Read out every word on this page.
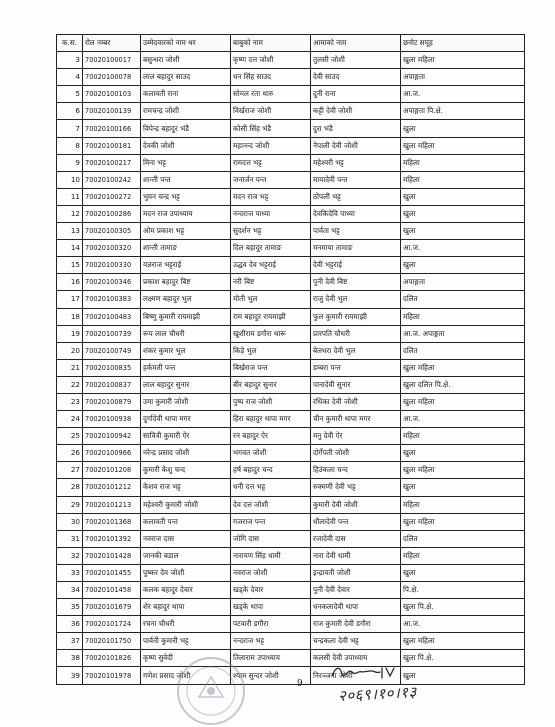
क.स.	रोल नम्बर	उम्मेदवारको नाम थर	बाबुको नाम	आमाको नाम	छनोट समूह
3	70020100017	बसुन्धरा जोशी	कृष्ण दत्त जोशी	तुलसी जोशी	खुला महिला
4	70020100078	लाल बहादुर साउद	धन सिंह साउद	देवी साउद	अपाङ्गता
5	70020100103	कलावती राना	सोमल रता थारु	दुनी राना	आ.ज.
6	70020100139	रामचन्द्र जोशी	विर्खराज जोशी	कट्टी देवी जोशी	अपाङ्गता पि.क्षे.
7	70020100166	विपेन्द्र बहादुर भंडै	कोसी सिंह भंडै	दुरा भंडै	खुला
8	70020100181	देवकी जोशी	महानन्द जोशी	नेपाली देवी जोशी	खुला महिला
9	70020100217	मिना भट्ट	रामदत्त भट्ट	महेश्वरी भट्ट	महिला
10	70020100242	शान्ती पन्त	जनार्जन पन्त	मायादेवी पन्त	महिला
11	70020100272	भुवन चन्द्र भट्ट	मदन राज भट्ट	ठोपली भट्ट	खुला
12	70020100286	मदन राज उपाध्याय	नन्दराज पाध्या	देवकिदेवि पाध्या	खुला
13	70020100305	ओम प्रकाश भट्ट	सुदर्शन भट्ट	पार्वता भट्ट	खुला
14	70020100320	शान्ती तामाङ	दिल बहादुर तामाङ	मनमाया तामाङ	आ.ज.
15	70020100330	यज्ञराज भट्टराई	उद्धव देव भट्टराई	देवी भट्टराई	खुला
16	70020100346	प्रकाश बहादुर बिष्ट	नरी बिष्ट	पुनी देवी बिष्ट	अपाङ्गता
17	70020100383	लक्ष्मण बहादुर भुल	मोती भुल	राजु देवी भुल	दलित
18	70020100483	बिष्णु कुमारी रायमाझी	राम बहादुर रायमाझी	फुल कुमारी रायमाझी	महिला
19	70020100739	रूप लाल चौधरी	खुशीराम डगौरा थारू	प्रारपति चौधरी	आ.ज. अपाङ्गता
20	70020100749	शंकर कुमार भुल	किड़े भुल	बेलधरा देवी भुल	दलित
21	70020100835	हर्कमती पन्त	बिर्खराज पन्त	डम्बरा पन्त	खुला महिला
22	70020100837	लाल बहादुर सुनार	बीर बहादुर सुनार	पानादेवी सुनार	खुला दलित पि.क्षे.
23	70020100879	उमा कुमारी जोशी	पुष्प राज जोशी	रधिका देवी जोशी	खुला महिला
24	70020100938	दुर्गादेवी थापा मगर	हिरा बहादुर थापा मगर	चीन कुमारी थापा मगर	आ.ज.
25	70020100942	सावित्री कुमारी ऐर	रन बहादुर ऐर	मनु देवी ऐर	महिला
26	70020100966	नरेन्द्र प्रसाद जोशी	भगवत जोशी	दोर्गेपती जोशी	खुला
27	70020101208	कुमारी केशु चन्द	हर्ष बहादुर चन्द	हिउंकला चन्द	खुला महिला
28	70020101212	केशव राज भट्ट	धनी दत्त भट्ट	रुक्मणी देवी भट्ट	खुला
29	70020101213	महेश्वरी कुमारी जोशी	देव दत्त जोशी	कुमारी देवी जोशी	महिला
30	70020101368	कलावती पन्त	गजराज पन्त	धौलादेवी पन्त	खुला महिला
31	70020101392	नवराज दास	जोगि दास	रजादेवी दास	दलित
32	70020101428	जानकी बडाल	नारायण सिंह धामी	नारा देवी धामी	महिला
33	70020101455	पुष्कर देव जोशी	नवराज जोशी	इन्द्रावती जोशी	खुला
34	70020101458	कलक बहादुर देवार	खड्के देवार	पुनी देवी देवार	पि.क्षे.
35	70020101679	शेर बहादुर थापा	खड्के थापा	धनकलादेवी थापा	खुला पि.क्षे.
36	70020101724	रचना चौधरी	पटवारी डगौरा	राज कुमारी देवी डगौरा	आ.ज.
37	70020101750	पार्वती कुमारी भट्ट	नन्दराज भट्ट	चन्द्रकला देवी भट्ट	खुला महिला
38	70020101826	कृष्ण सुवेदी	तिलाराम उपाध्याय	कलसी देवी उपाध्याय	खुला पि.क्षे.
39	70020101978	गणेश प्रसाद जोशी	श्याम सुन्दर जोशी	निरञ्जना जोशी	खुला
9 २०६९।१०।१३
